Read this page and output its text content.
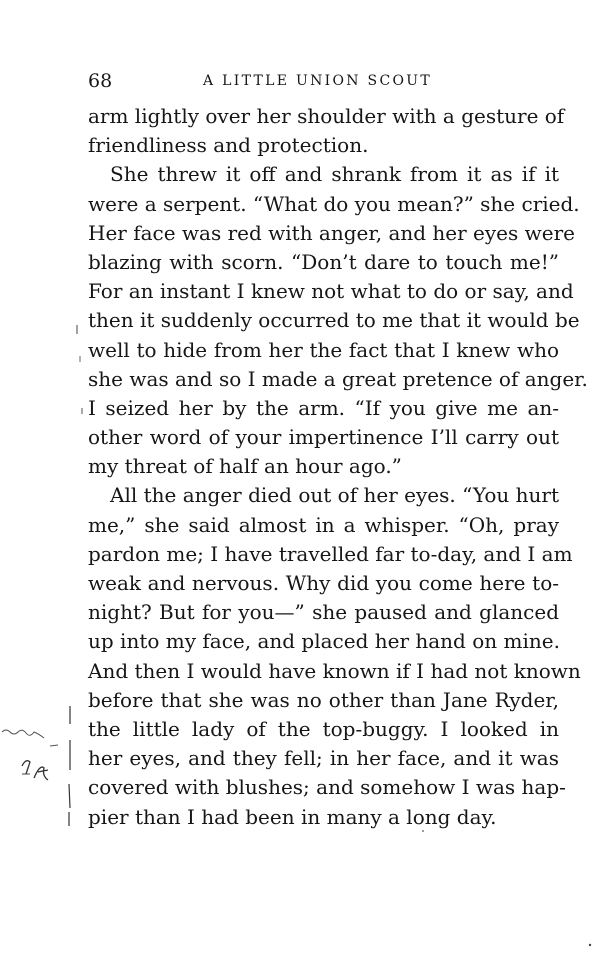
68	A LITTLE UNION SCOUT
arm lightly over her shoulder with a gesture of
friendliness and protection.
She threw it off and shrank from it as if it
were a serpent. “What do you mean?” she cried.
Her face was red with anger, and her eyes were
blazing with scorn. “Don’t dare to touch me!”
For an instant I knew not what to do or say, and
then it suddenly occurred to me that it would be
well to hide from her the fact that I knew who
she was and so I made a great pretence of anger.
I seized her by the arm. “If you give me an-
other word of your impertinence I’ll carry out
my threat of half an hour ago.”
All the anger died out of her eyes. “You hurt
me,” she said almost in a whisper. “Oh, pray
pardon me; I have travelled far to-day, and I am
weak and nervous. Why did you come here to-
night? But for you—” she paused and glanced
up into my face, and placed her hand on mine.
And then I would have known if I had not known
before that she was no other than Jane Ryder,
the little lady of the top-buggy. I looked in
her eyes, and they fell; in her face, and it was
covered with blushes; and somehow I was hap-
pier than I had been in many a long day.
